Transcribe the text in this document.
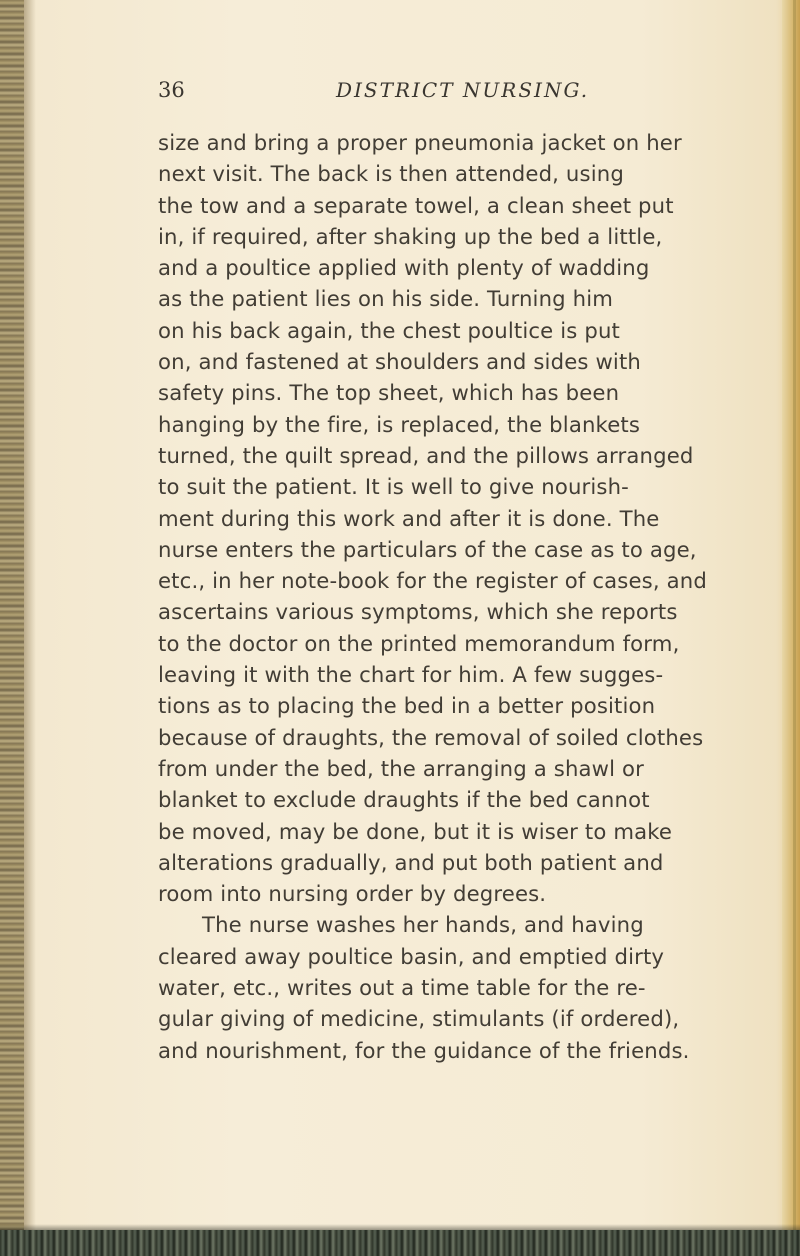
36	DISTRICT NURSING.
size and bring a proper pneumonia jacket on her
next visit. The back is then attended, using
the tow and a separate towel, a clean sheet put
in, if required, after shaking up the bed a little,
and a poultice applied with plenty of wadding
as the patient lies on his side. Turning him
on his back again, the chest poultice is put
on, and fastened at shoulders and sides with
safety pins. The top sheet, which has been
hanging by the fire, is replaced, the blankets
turned, the quilt spread, and the pillows arranged
to suit the patient. It is well to give nourish-
ment during this work and after it is done. The
nurse enters the particulars of the case as to age,
etc., in her note-book for the register of cases, and
ascertains various symptoms, which she reports
to the doctor on the printed memorandum form,
leaving it with the chart for him. A few sugges-
tions as to placing the bed in a better position
because of draughts, the removal of soiled clothes
from under the bed, the arranging a shawl or
blanket to exclude draughts if the bed cannot
be moved, may be done, but it is wiser to make
alterations gradually, and put both patient and
room into nursing order by degrees.
The nurse washes her hands, and having
cleared away poultice basin, and emptied dirty
water, etc., writes out a time table for the re-
gular giving of medicine, stimulants (if ordered),
and nourishment, for the guidance of the friends.
